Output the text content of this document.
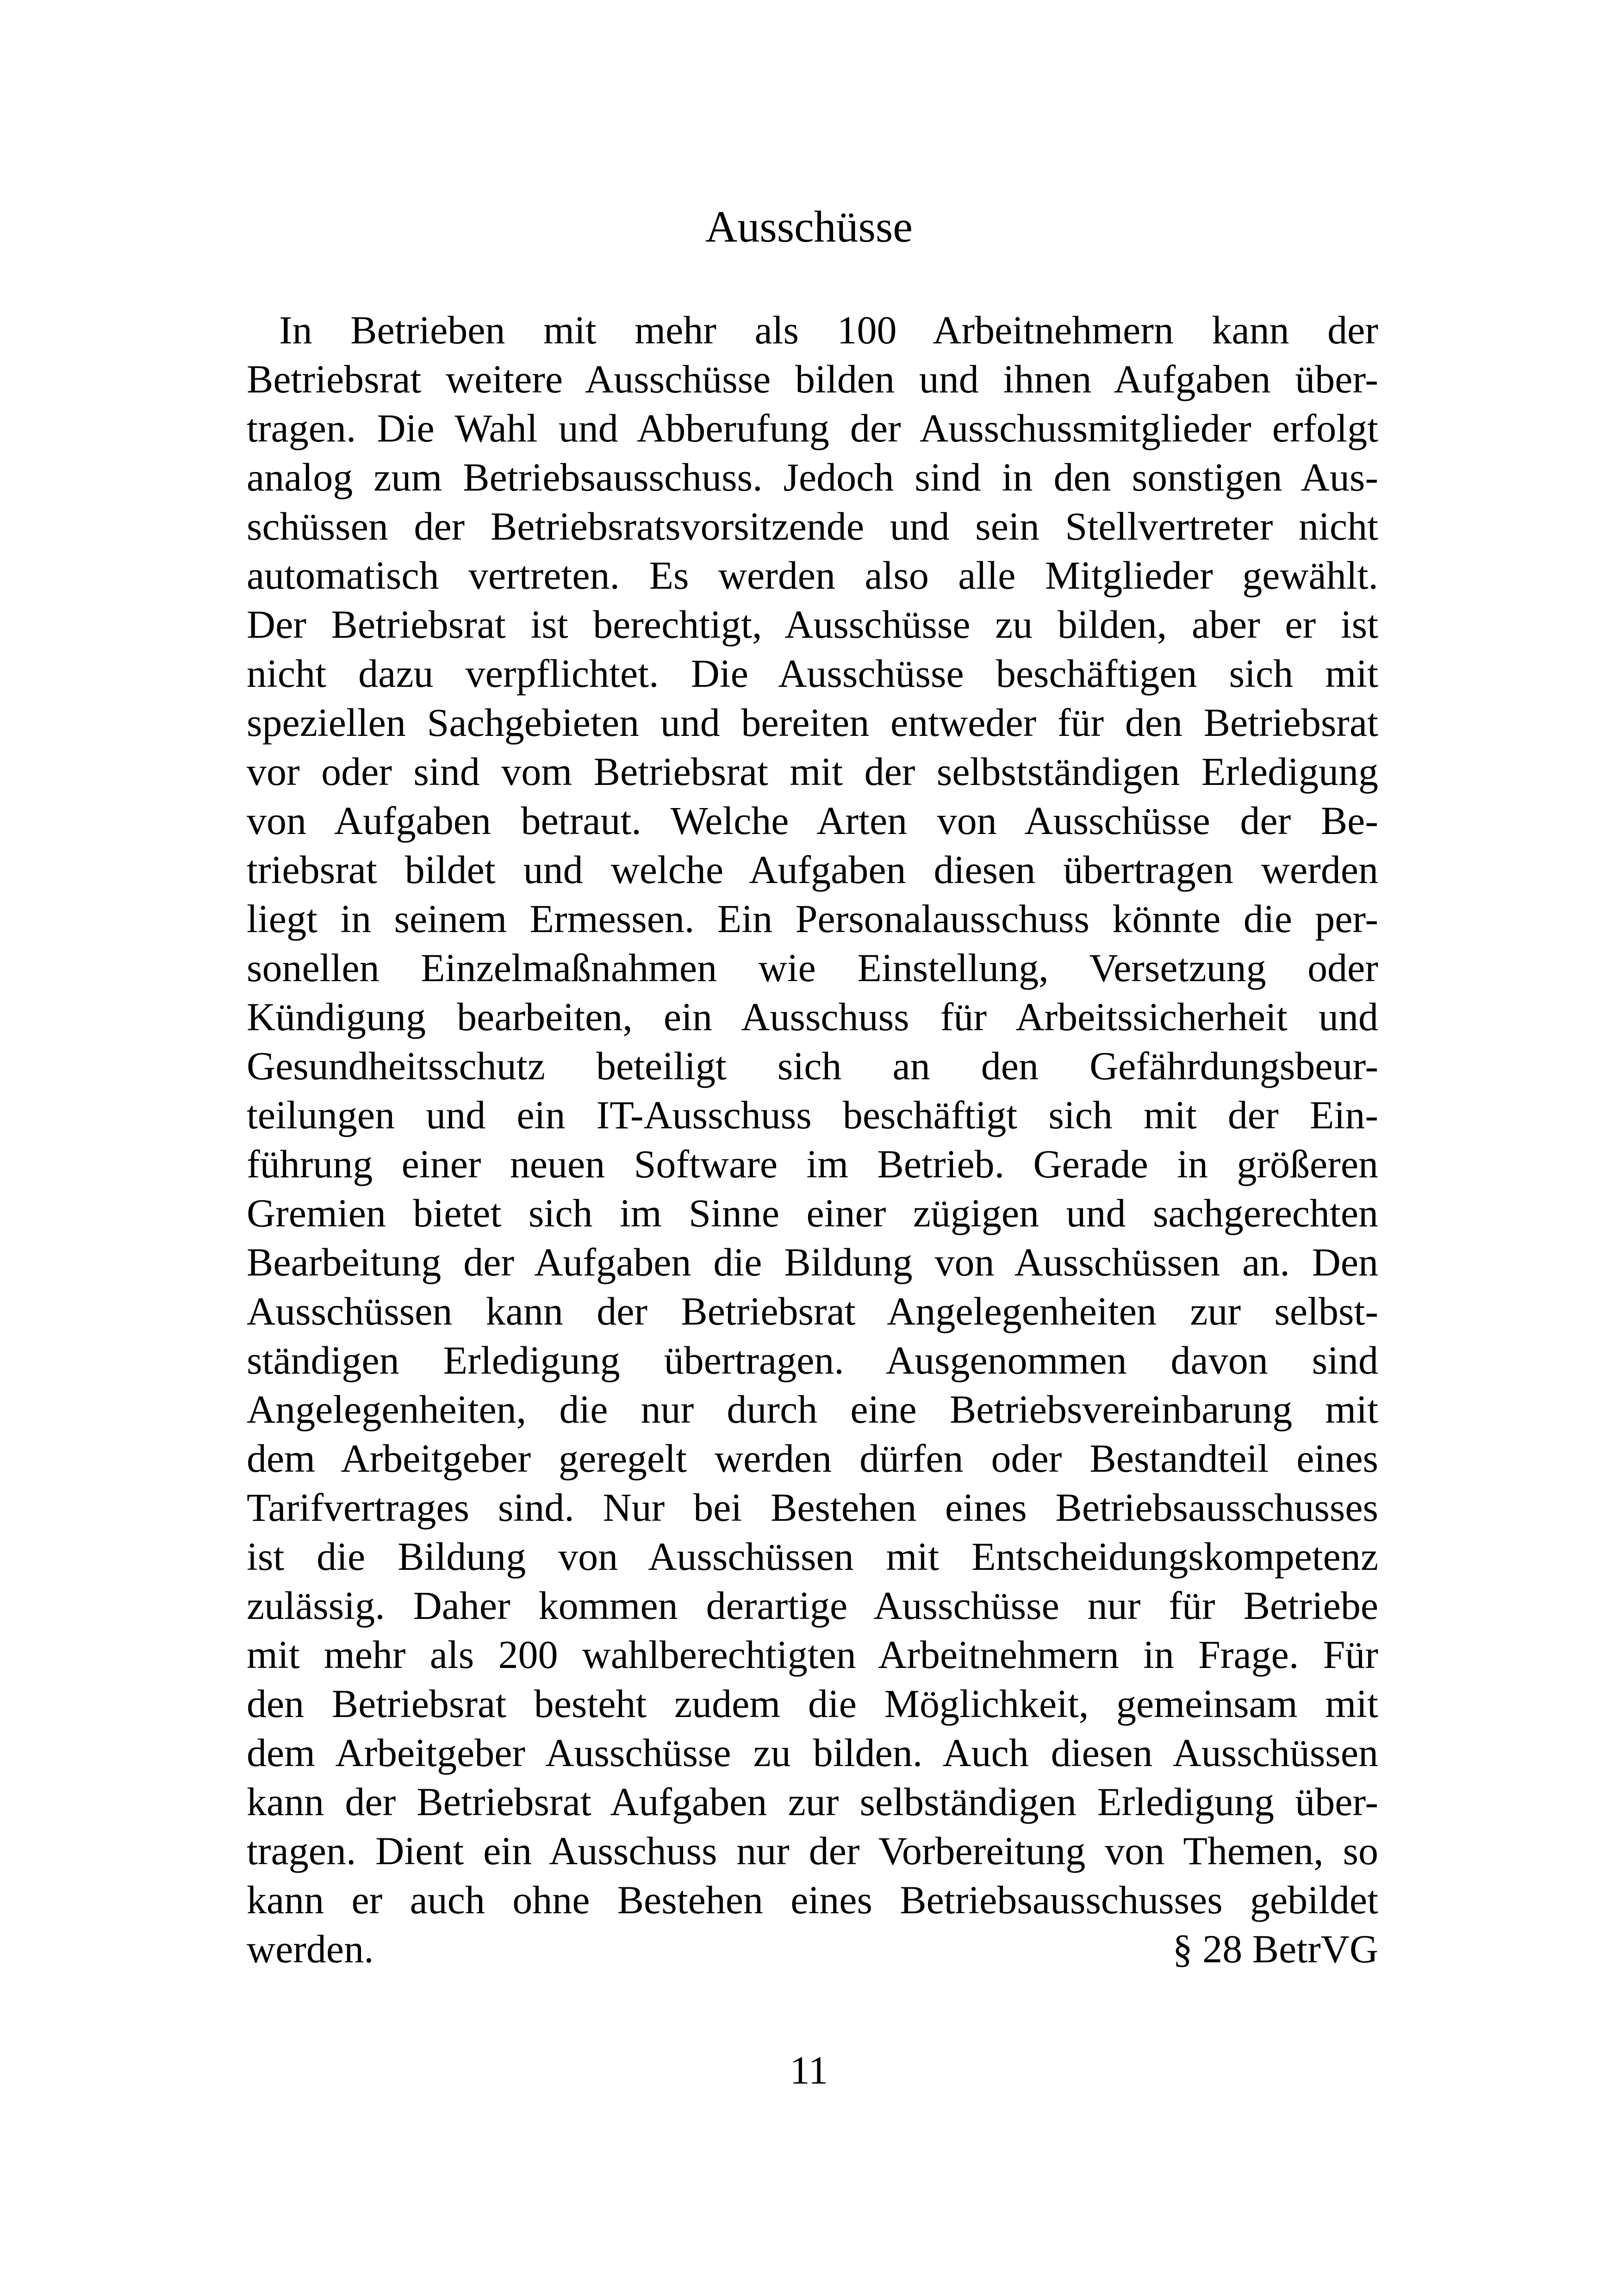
Ausschüsse
In Betrieben mit mehr als 100 Arbeitnehmern kann der
Betriebsrat weitere Ausschüsse bilden und ihnen Aufgaben über-
tragen. Die Wahl und Abberufung der Ausschussmitglieder erfolgt
analog zum Betriebsausschuss. Jedoch sind in den sonstigen Aus-
schüssen der Betriebsratsvorsitzende und sein Stellvertreter nicht
automatisch vertreten. Es werden also alle Mitglieder gewählt.
Der Betriebsrat ist berechtigt, Ausschüsse zu bilden, aber er ist
nicht dazu verpflichtet. Die Ausschüsse beschäftigen sich mit
speziellen Sachgebieten und bereiten entweder für den Betriebsrat
vor oder sind vom Betriebsrat mit der selbstständigen Erledigung
von Aufgaben betraut. Welche Arten von Ausschüsse der Be-
triebsrat bildet und welche Aufgaben diesen übertragen werden
liegt in seinem Ermessen. Ein Personalausschuss könnte die per-
sonellen Einzelmaßnahmen wie Einstellung, Versetzung oder
Kündigung bearbeiten, ein Ausschuss für Arbeitssicherheit und
Gesundheitsschutz beteiligt sich an den Gefährdungsbeur-
teilungen und ein IT-Ausschuss beschäftigt sich mit der Ein-
führung einer neuen Software im Betrieb. Gerade in größeren
Gremien bietet sich im Sinne einer zügigen und sachgerechten
Bearbeitung der Aufgaben die Bildung von Ausschüssen an. Den
Ausschüssen kann der Betriebsrat Angelegenheiten zur selbst-
ständigen Erledigung übertragen. Ausgenommen davon sind
Angelegenheiten, die nur durch eine Betriebsvereinbarung mit
dem Arbeitgeber geregelt werden dürfen oder Bestandteil eines
Tarifvertrages sind. Nur bei Bestehen eines Betriebsausschusses
ist die Bildung von Ausschüssen mit Entscheidungskompetenz
zulässig. Daher kommen derartige Ausschüsse nur für Betriebe
mit mehr als 200 wahlberechtigten Arbeitnehmern in Frage. Für
den Betriebsrat besteht zudem die Möglichkeit, gemeinsam mit
dem Arbeitgeber Ausschüsse zu bilden. Auch diesen Ausschüssen
kann der Betriebsrat Aufgaben zur selbständigen Erledigung über-
tragen. Dient ein Ausschuss nur der Vorbereitung von Themen, so
kann er auch ohne Bestehen eines Betriebsausschusses gebildet
werden.	§ 28 BetrVG
11
